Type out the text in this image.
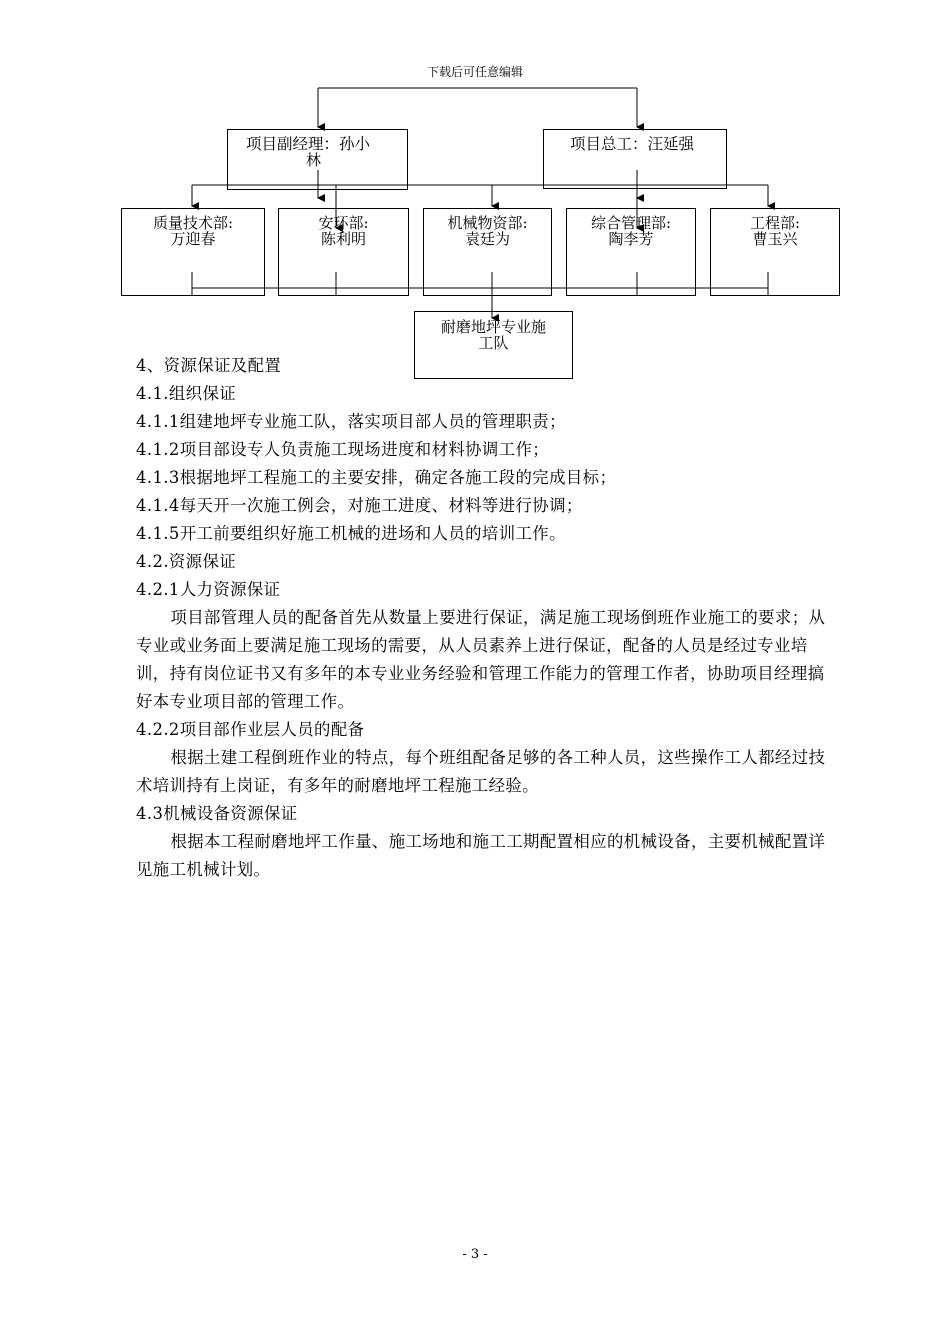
下载后可任意编辑
项目副经理：孙小
林
项目总工：汪延强
质量技术部:
万迎春
安环部:
陈利明
机械物资部:
袁廷为
综合管理部:
陶李芳
工程部:
曹玉兴
耐磨地坪专业施
工队

4、资源保证及配置

4.1.组织保证

4.1.1组建地坪专业施工队，落实项目部人员的管理职责；

4.1.2项目部设专人负责施工现场进度和材料协调工作；

4.1.3根据地坪工程施工的主要安排，确定各施工段的完成目标；

4.1.4每天开一次施工例会，对施工进度、材料等进行协调；

4.1.5开工前要组织好施工机械的进场和人员的培训工作。

4.2.资源保证

4.2.1人力资源保证

项目部管理人员的配备首先从数量上要进行保证，满足施工现场倒班作业施工的要求；从专业或业务面上要满足施工现场的需要，从人员素养上进行保证，配备的人员是经过专业培训，持有岗位证书又有多年的本专业业务经验和管理工作能力的管理工作者，协助项目经理搞好本专业项目部的管理工作。

4.2.2项目部作业层人员的配备

根据土建工程倒班作业的特点，每个班组配备足够的各工种人员，这些操作工人都经过技术培训持有上岗证，有多年的耐磨地坪工程施工经验。

4.3机械设备资源保证

根据本工程耐磨地坪工作量、施工场地和施工工期配置相应的机械设备，主要机械配置详见施工机械计划。

- 3 -
